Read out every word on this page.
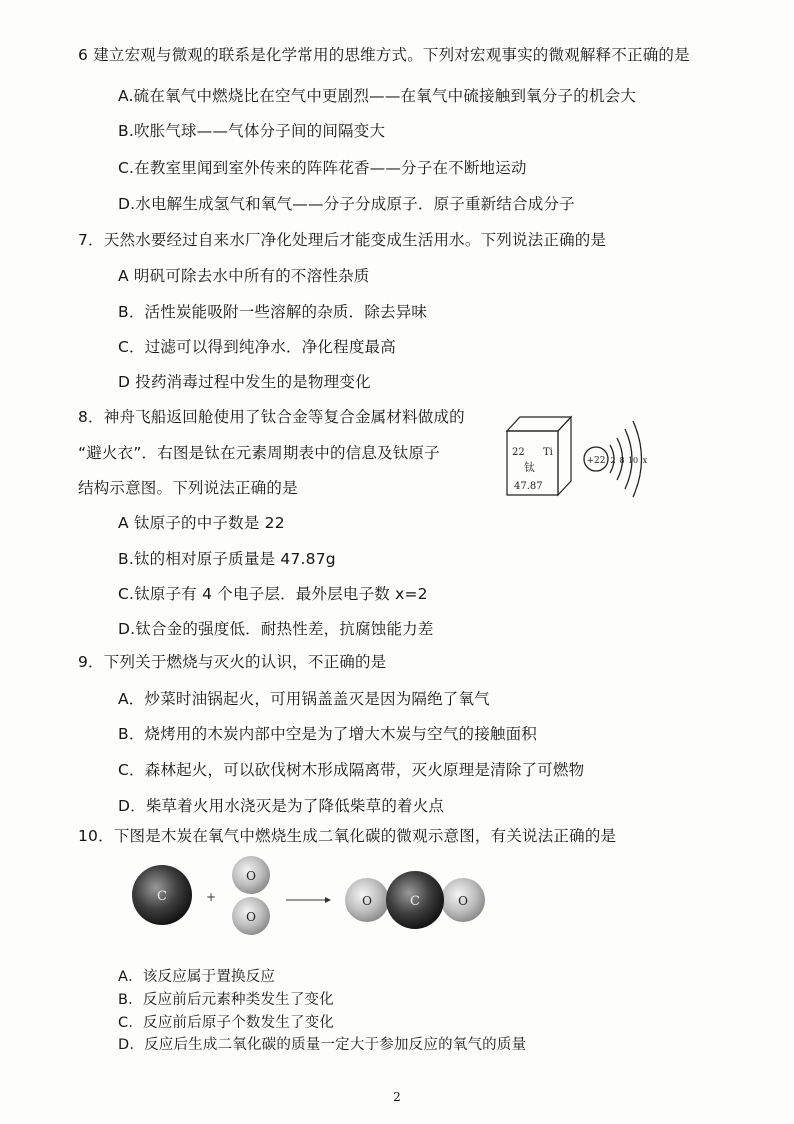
6 建立宏观与微观的联系是化学常用的思维方式。下列对宏观事实的微观解释不正确的是
A.硫在氧气中燃烧比在空气中更剧烈——在氧气中硫接触到氧分子的机会大
B.吹胀气球——气体分子间的间隔变大
C.在教室里闻到室外传来的阵阵花香——分子在不断地运动
D.水电解生成氢气和氧气——分子分成原子．原子重新结合成分子
7．天然水要经过自来水厂净化处理后才能变成生活用水。下列说法正确的是
A 明矾可除去水中所有的不溶性杂质
B．活性炭能吸附一些溶解的杂质．除去异味
C．过滤可以得到纯净水．净化程度最高
D 投药消毒过程中发生的是物理变化
8．神舟飞船返回舱使用了钛合金等复合金属材料做成的
“避火衣”．右图是钛在元素周期表中的信息及钛原子
结构示意图。下列说法正确的是
A 钛原子的中子数是 22
B.钛的相对原子质量是 47.87g
C.钛原子有 4 个电子层．最外层电子数 x=2
D.钛合金的强度低．耐热性差，抗腐蚀能力差
22 Ti
钛
47.87
+22 2 8 10 x
9．下列关于燃烧与灭火的认识，不正确的是
A．炒菜时油锅起火，可用锅盖盖灭是因为隔绝了氧气
B．烧烤用的木炭内部中空是为了增大木炭与空气的接触面积
C．森林起火，可以砍伐树木形成隔离带，灭火原理是清除了可燃物
D．柴草着火用水浇灭是为了降低柴草的着火点
10．下图是木炭在氧气中燃烧生成二氧化碳的微观示意图，有关说法正确的是
C	+
O
O
O	O
C
A．该反应属于置换反应
B．反应前后元素种类发生了变化
C．反应前后原子个数发生了变化
D．反应后生成二氧化碳的质量一定大于参加反应的氧气的质量
2
